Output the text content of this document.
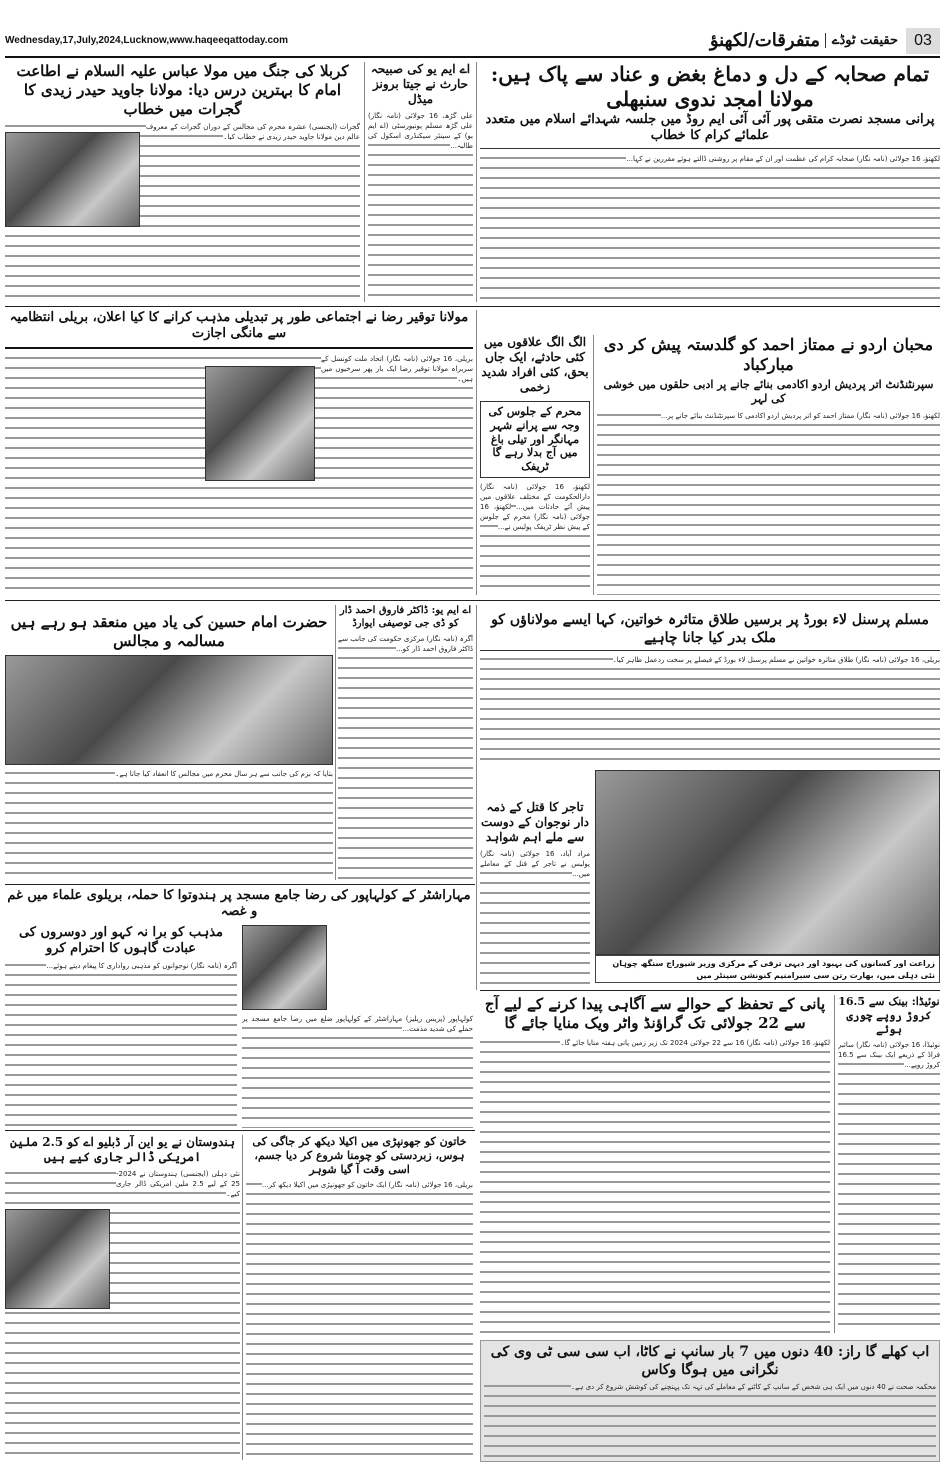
Wednesday,17,July,2024,Lucknow,www.haqeeqattoday.com	متفرقات/لکھنؤ حقیقت ٹوڈے	03
کربلا کی جنگ میں مولا عباس علیہ السلام نے اطاعت امام کا بہترین درس دیا: مولانا جاوید حیدر زیدی کا گجرات میں خطاب
گجرات (ایجنسی) عشرہ محرم کی مجالس کے دوران گجرات کے معروف عالم دین مولانا جاوید حیدر زیدی نے خطاب کیا۔
اے ایم یو کی صبیحہ حارث نے جیتا برونز میڈل
علی گڑھ، 16 جولائی (نامہ نگار) علی گڑھ مسلم یونیورسٹی (اے ایم یو) کے سینئر سیکنڈری اسکول کی طالبہ...
تمام صحابہ کے دل و دماغ بغض و عناد سے پاک ہیں: مولانا امجد ندوی سنبھلی
پرانی مسجد نصرت متقی پور آئی آئی ایم روڈ میں جلسہ شہدائے اسلام میں متعدد علمائے کرام کا خطاب
لکھنؤ، 16 جولائی (نامہ نگار) صحابہ کرام کی عظمت اور ان کے مقام پر روشنی ڈالتے ہوئے مقررین نے کہا...
مولانا توقیر رضا نے اجتماعی طور پر تبدیلی مذہب کرانے کا کیا اعلان، بریلی انتظامیہ سے مانگی اجازت
بریلی، 16 جولائی (نامہ نگار) اتحاد ملت کونسل کے سربراہ مولانا توقیر رضا ایک بار پھر سرخیوں میں ہیں۔
الگ الگ علاقوں میں کئی حادثے، ایک جاں بحق، کئی افراد شدید زخمی
محرم کے جلوس کی وجہ سے پرانے شہر مہانگر اور تیلی باغ میں آج بدلا رہے گا ٹریفک
لکھنؤ، 16 جولائی (نامہ نگار) دارالحکومت کے مختلف علاقوں میں پیش آئے حادثات میں... لکھنؤ، 16 جولائی (نامہ نگار) محرم کے جلوس کے پیش نظر ٹریفک پولیس نے...
محبان اردو نے ممتاز احمد کو گلدستہ پیش کر دی مبارکباد
سپرنٹنڈنٹ اتر پردیش اردو اکادمی بنائے جانے پر ادبی حلقوں میں خوشی کی لہر
لکھنؤ، 16 جولائی (نامہ نگار) ممتاز احمد کو اتر پردیش اردو اکادمی کا سپرنٹنڈنٹ بنائے جانے پر...
حضرت امام حسین کی یاد میں منعقد ہو رہے ہیں مسالمہ و مجالس
بتایا کہ بزم کی جانب سے ہر سال محرم میں مجالس کا انعقاد کیا جاتا ہے۔
اے ایم یو: ڈاکٹر فاروق احمد ڈار کو ڈی جی توصیفی ایوارڈ
آگرہ (نامہ نگار) مرکزی حکومت کی جانب سے ڈاکٹر فاروق احمد ڈار کو...
مسلم پرسنل لاء بورڈ پر برسیں طلاق متاثرہ خواتین، کہا ایسے مولاناؤں کو ملک بدر کیا جانا چاہیے
بریلی، 16 جولائی (نامہ نگار) طلاق متاثرہ خواتین نے مسلم پرسنل لاء بورڈ کے فیصلے پر سخت ردعمل ظاہر کیا۔
تاجر کا قتل کے ذمہ دار نوجوان کے دوست سے ملے اہم شواہد
مراد آباد، 16 جولائی (نامہ نگار) پولیس نے تاجر کے قتل کے معاملے میں...
زراعت اور کسانوں کی بہبود اور دیہی ترقی کے مرکزی وزیر شیوراج سنگھ چوہان نئی دہلی میں، بھارت رتن سی سبرامنیم کنونشن سینٹر میں
مہاراشٹر کے کولہاپور کی رضا جامع مسجد پر ہندوتوا کا حملہ، بریلوی علماء میں غم و غصہ
مذہب کو برا نہ کہو اور دوسروں کی عبادت گاہوں کا احترام کرو
آگرہ (نامہ نگار) نوجوانوں کو مذہبی رواداری کا پیغام دیتے ہوئے...
کولہاپور (پریس ریلیز) مہاراشٹر کے کولہاپور ضلع میں رضا جامع مسجد پر حملے کی شدید مذمت...
نوئیڈا: بینک سے 16.5 کروڑ روپے چوری ہوئے
نوئیڈا، 16 جولائی (نامہ نگار) سائبر فراڈ کے ذریعے ایک بینک سے 16.5 کروڑ روپے...
پانی کے تحفظ کے حوالے سے آگاہی پیدا کرنے کے لیے آج سے 22 جولائی تک گراؤنڈ واٹر ویک منایا جائے گا
لکھنؤ، 16 جولائی (نامہ نگار) 16 سے 22 جولائی 2024 تک زیر زمین پانی ہفتہ منایا جائے گا۔
ہندوستان نے یو این آر ڈبلیو اے کو 2.5 ملین امریکی ڈالر جاری کیے ہیں
نئی دہلی (ایجنسی) ہندوستان نے 2024-25 کے لیے 2.5 ملین امریکی ڈالر جاری کیے۔
خاتون کو جھونپڑی میں اکیلا دیکھ کر جاگی کی ہوس، زبردستی کو چومنا شروع کر دیا جسم، اسی وقت آ گیا شوہر
بریلی، 16 جولائی (نامہ نگار) ایک خاتون کو جھونپڑی میں اکیلا دیکھ کر...
اب کھلے گا راز: 40 دنوں میں 7 بار سانپ نے کاٹا، اب سی سی ٹی وی کی نگرانی میں ہوگا وکاس
محکمہ صحت نے 40 دنوں میں ایک ہی شخص کے سانپ کے کاٹنے کے معاملے کی تہہ تک پہنچنے کی کوشش شروع کر دی ہے۔
